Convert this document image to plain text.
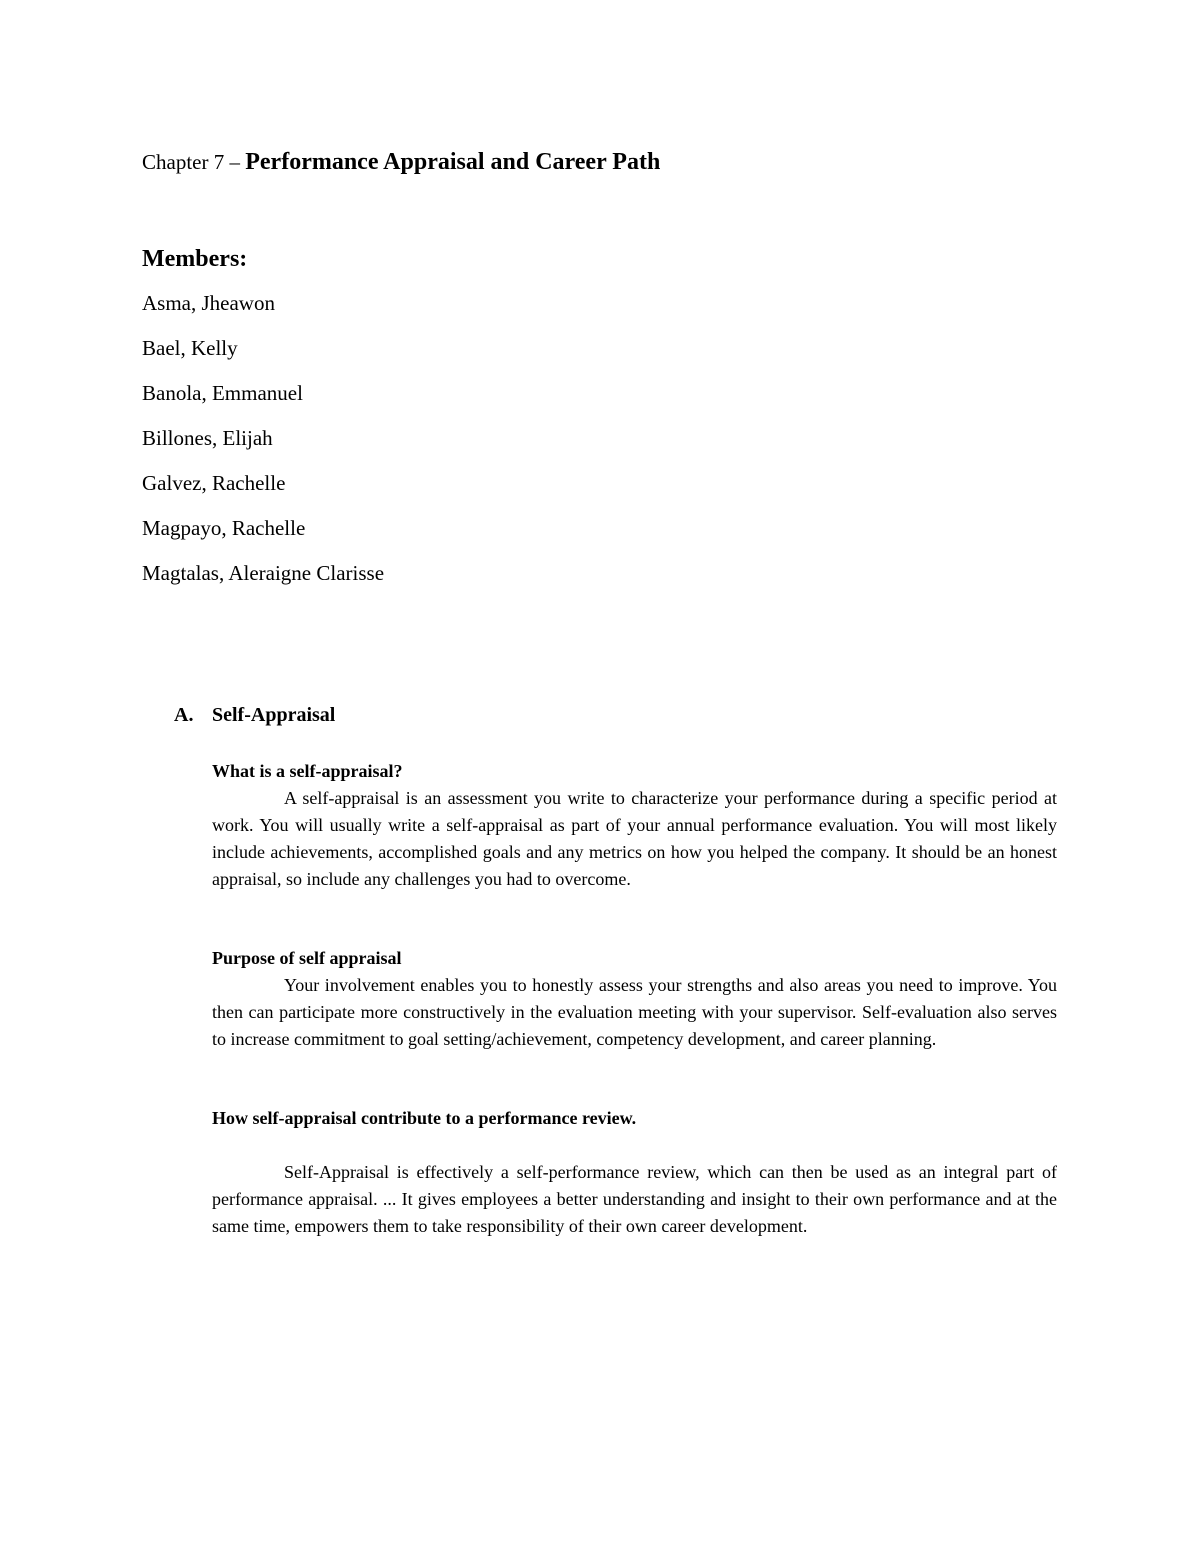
Chapter 7 – Performance Appraisal and Career Path
Members:
Asma, Jheawon
Bael, Kelly
Banola, Emmanuel
Billones, Elijah
Galvez, Rachelle
Magpayo, Rachelle
Magtalas, Aleraigne Clarisse
A. Self-Appraisal

What is a self-appraisal?

A self-appraisal is an assessment you write to characterize your performance during a specific period at work. You will usually write a self-appraisal as part of your annual performance evaluation. You will most likely include achievements, accomplished goals and any metrics on how you helped the company. It should be an honest appraisal, so include any challenges you had to overcome.

Purpose of self appraisal

Your involvement enables you to honestly assess your strengths and also areas you need to improve. You then can participate more constructively in the evaluation meeting with your supervisor. Self-evaluation also serves to increase commitment to goal setting/achievement, competency development, and career planning.

How self-appraisal contribute to a performance review.

Self-Appraisal is effectively a self-performance review, which can then be used as an integral part of performance appraisal. ... It gives employees a better understanding and insight to their own performance and at the same time, empowers them to take responsibility of their own career development.
